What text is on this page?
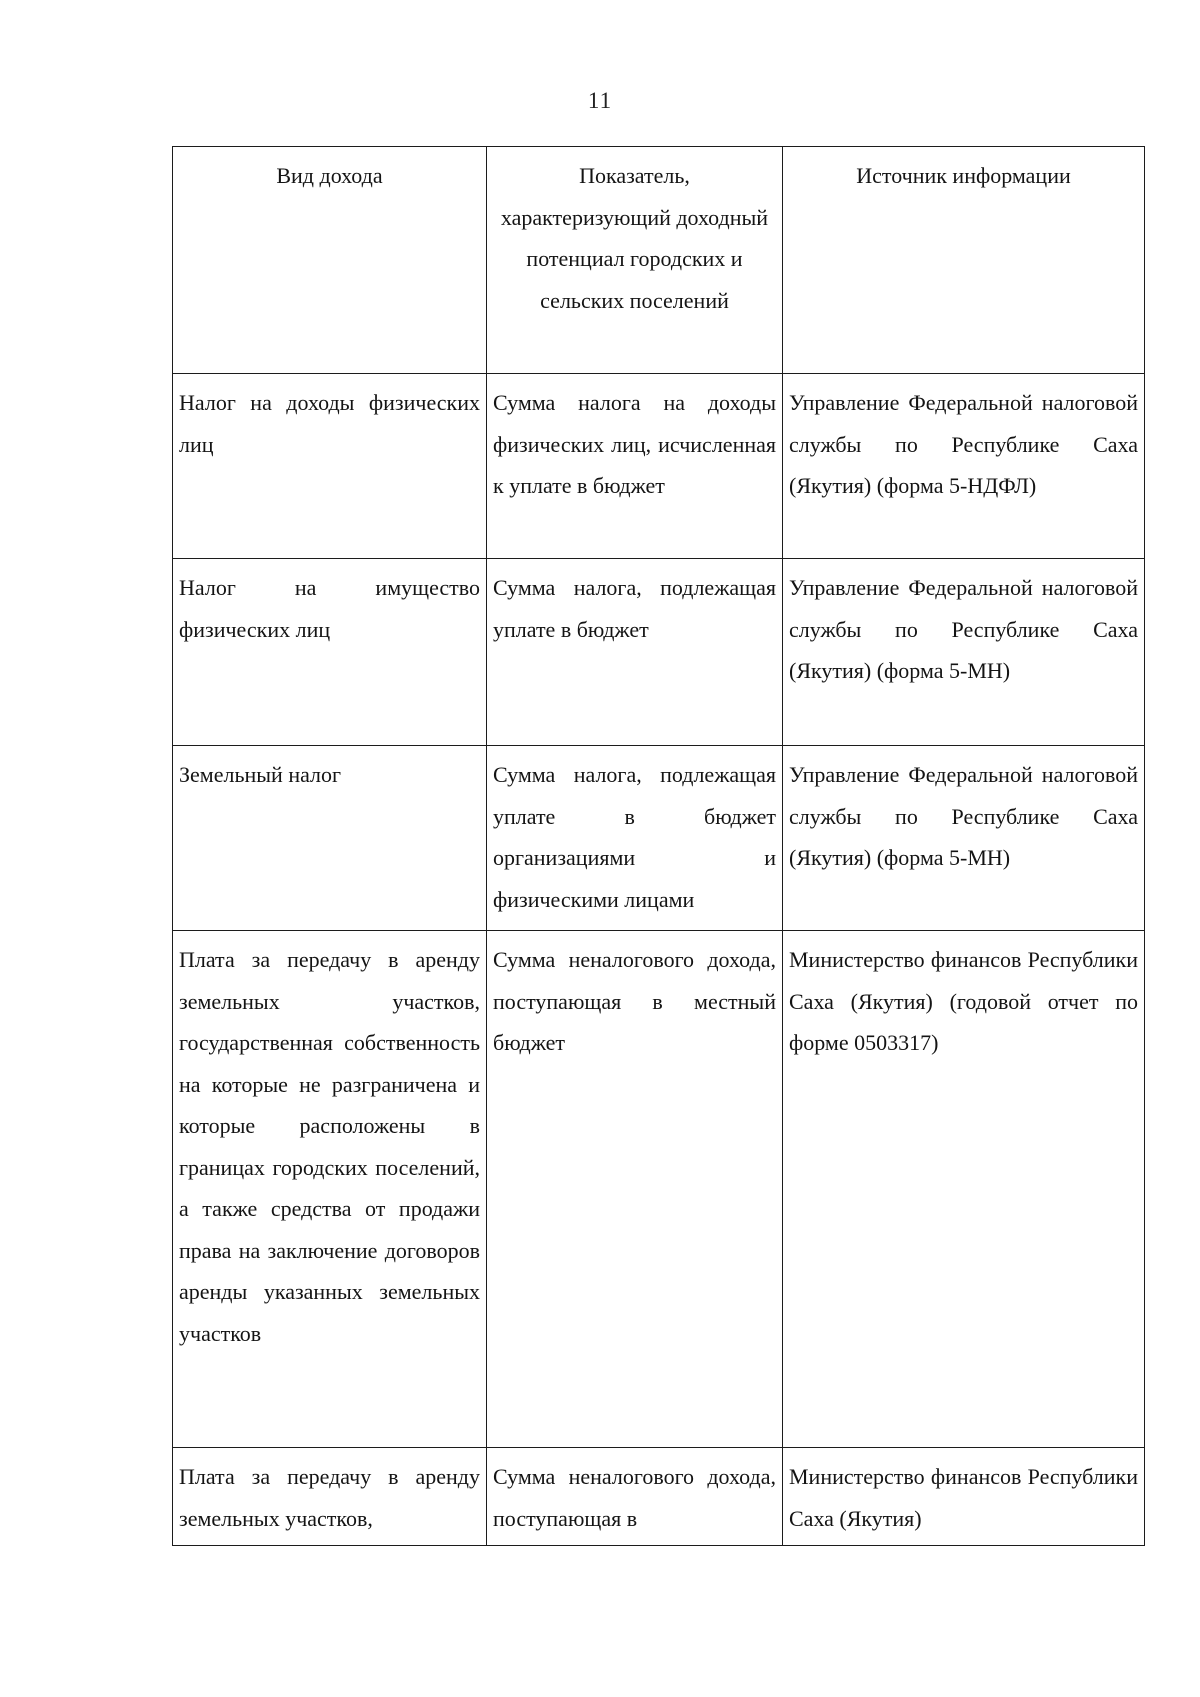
11
Вид дохода	Показатель, характеризующий доходный потенциал городских и сельских поселений	Источник информации
Налог на доходы физических лиц	Сумма налога на доходы физических лиц, исчисленная к уплате в бюджет	Управление Федеральной налоговой службы по Республике Саха (Якутия) (форма 5-НДФЛ)
Налог на имущество физических лиц	Сумма налога, подлежащая уплате в бюджет	Управление Федеральной налоговой службы по Республике Саха (Якутия) (форма 5-МН)
Земельный налог	Сумма налога, подлежащая уплате в бюджет организациями и физическими лицами	Управление Федеральной налоговой службы по Республике Саха (Якутия) (форма 5-МН)
Плата за передачу в аренду земельных участков, государственная собственность на которые не разграничена и которые расположены в границах городских поселений, а также средства от продажи права на заключение договоров аренды указанных земельных участков	Сумма неналогового дохода, поступающая в местный бюджет	Министерство финансов Республики Саха (Якутия) (годовой отчет по форме 0503317)
Плата за передачу в аренду земельных участков,	Сумма неналогового дохода, поступающая в	Министерство финансов Республики Саха (Якутия)
